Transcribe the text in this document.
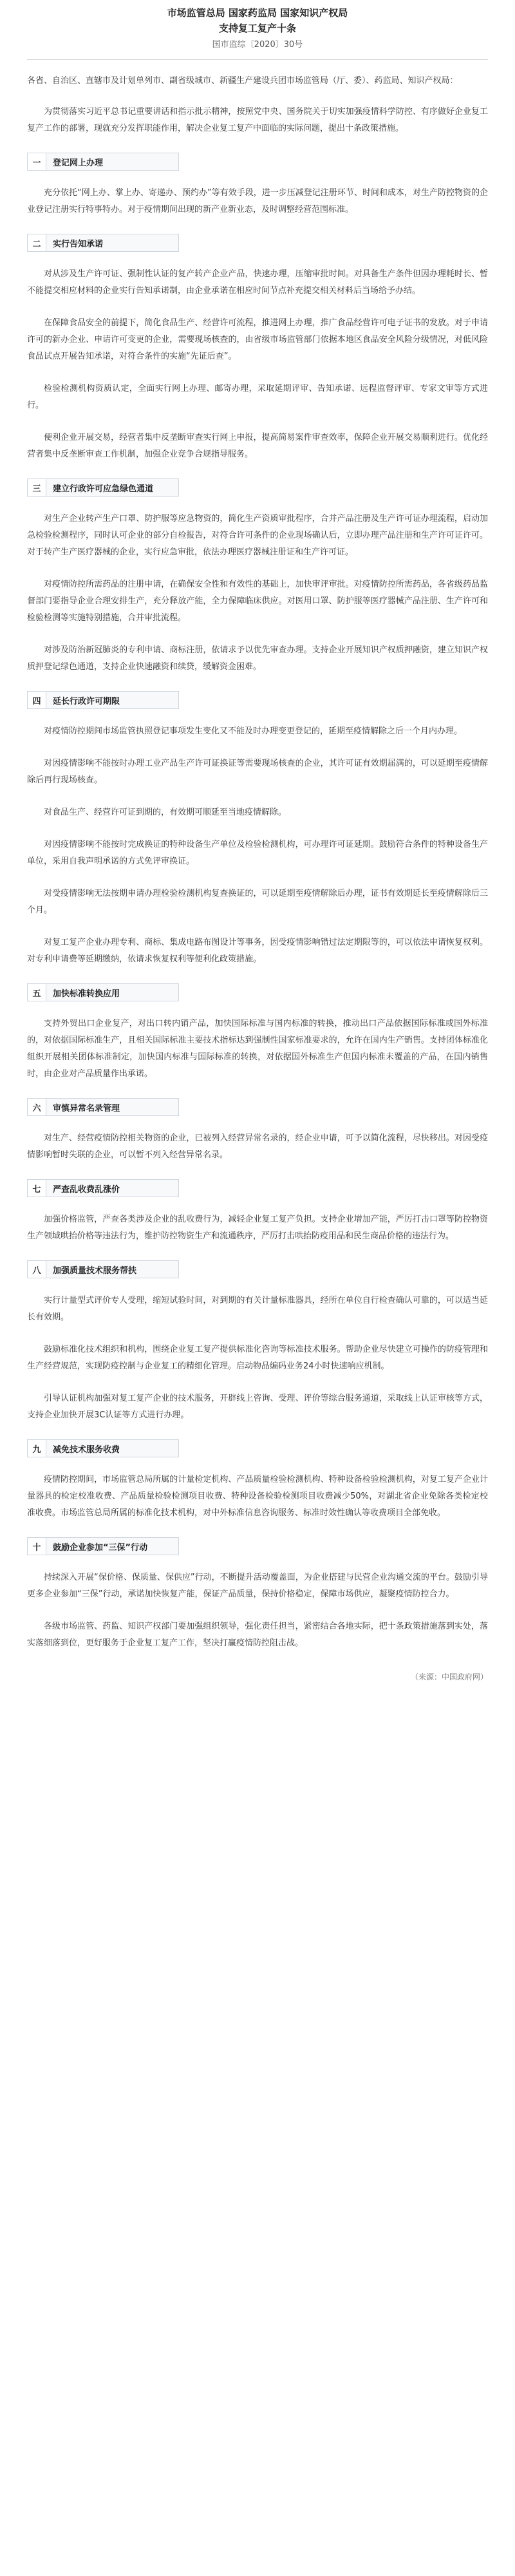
市场监管总局 国家药监局 国家知识产权局
支持复工复产十条
国市监综〔2020〕30号
各省、自治区、直辖市及计划单列市、副省级城市、新疆生产建设兵团市场监管局（厅、委）、药监局、知识产权局：

为贯彻落实习近平总书记重要讲话和指示批示精神，按照党中央、国务院关于切实加强疫情科学防控、有序做好企业复工复产工作的部署，现就充分发挥职能作用，解决企业复工复产中面临的实际问题，提出十条政策措施。

一	登记网上办理

充分依托“网上办、掌上办、寄递办、预约办”等有效手段，进一步压减登记注册环节、时间和成本，对生产防控物资的企业登记注册实行特事特办。对于疫情期间出现的新产业新业态，及时调整经营范围标准。

二	实行告知承诺

对从涉及生产许可证、强制性认证的复产转产企业产品，快速办理，压缩审批时间。对具备生产条件但因办理耗时长、暂不能提交相应材料的企业实行告知承诺制，由企业承诺在相应时间节点补充提交相关材料后当场给予办结。

在保障食品安全的前提下，简化食品生产、经营许可流程，推进网上办理，推广食品经营许可电子证书的发放。对于申请许可的新办企业、申请许可变更的企业，需要现场核查的，由省级市场监管部门依据本地区食品安全风险分级情况，对低风险食品试点开展告知承诺，对符合条件的实施“先证后查”。

检验检测机构资质认定，全面实行网上办理、邮寄办理，采取延期评审、告知承诺、远程监督评审、专家文审等方式进行。

便利企业开展交易，经营者集中反垄断审查实行网上申报，提高简易案件审查效率，保障企业开展交易顺利进行。优化经营者集中反垄断审查工作机制，加强企业竞争合规指导服务。

三	建立行政许可应急绿色通道

对生产企业转产生产口罩、防护服等应急物资的，简化生产资质审批程序，合并产品注册及生产许可证办理流程，启动加急检验检测程序，同时认可企业的部分自检报告，对符合许可条件的企业现场确认后，立即办理产品注册和生产许可证许可。对于转产生产医疗器械的企业，实行应急审批，依法办理医疗器械注册证和生产许可证。

对疫情防控所需药品的注册申请，在确保安全性和有效性的基础上，加快审评审批。对疫情防控所需药品，各省级药品监督部门要指导企业合理安排生产，充分释放产能，全力保障临床供应。对医用口罩、防护服等医疗器械产品注册、生产许可和检验检测等实施特别措施，合并审批流程。

对涉及防治新冠肺炎的专利申请、商标注册，依请求予以优先审查办理。支持企业开展知识产权质押融资，建立知识产权质押登记绿色通道，支持企业快速融资和续贷，缓解资金困难。

四	延长行政许可期限

对疫情防控期间市场监管执照登记事项发生变化又不能及时办理变更登记的，延期至疫情解除之后一个月内办理。

对因疫情影响不能按时办理工业产品生产许可证换证等需要现场核查的企业，其许可证有效期届满的，可以延期至疫情解除后再行现场核查。

对食品生产、经营许可证到期的，有效期可顺延至当地疫情解除。

对因疫情影响不能按时完成换证的特种设备生产单位及检验检测机构，可办理许可证延期。鼓励符合条件的特种设备生产单位，采用自我声明承诺的方式免评审换证。

对受疫情影响无法按期申请办理检验检测机构复查换证的，可以延期至疫情解除后办理，证书有效期延长至疫情解除后三个月。

对复工复产企业办理专利、商标、集成电路布图设计等事务，因受疫情影响错过法定期限等的，可以依法申请恢复权利。对专利申请费等延期缴纳，依请求恢复权利等便利化政策措施。

五	加快标准转换应用

支持外贸出口企业复产，对出口转内销产品，加快国际标准与国内标准的转换，推动出口产品依据国际标准或国外标准的，对依据国际标准生产，且相关国际标准主要技术指标达到强制性国家标准要求的，允许在国内生产销售。支持团体标准化组织开展相关团体标准制定，加快国内标准与国际标准的转换，对依据国外标准生产但国内标准未覆盖的产品，在国内销售时，由企业对产品质量作出承诺。

六	审慎异常名录管理

对生产、经营疫情防控相关物资的企业，已被列入经营异常名录的，经企业申请，可予以简化流程，尽快移出。对因受疫情影响暂时失联的企业，可以暂不列入经营异常名录。

七	严查乱收费乱涨价

加强价格监管，严查各类涉及企业的乱收费行为，减轻企业复工复产负担。支持企业增加产能，严厉打击口罩等防控物资生产领域哄抬价格等违法行为，维护防控物资生产和流通秩序，严厉打击哄抬防疫用品和民生商品价格的违法行为。

八	加强质量技术服务帮扶

实行计量型式评价专人受理，缩短试验时间，对到期的有关计量标准器具，经所在单位自行检查确认可靠的，可以适当延长有效期。

鼓励标准化技术组织和机构，围绕企业复工复产提供标准化咨询等标准技术服务。帮助企业尽快建立可操作的防疫管理和生产经营规范，实现防疫控制与企业复工的精细化管理。启动物品编码业务24小时快速响应机制。

引导认证机构加强对复工复产企业的技术服务，开辟线上咨询、受理、评价等综合服务通道，采取线上认证审核等方式，支持企业加快开展3C认证等方式进行办理。

九	减免技术服务收费

疫情防控期间，市场监管总局所属的计量检定机构、产品质量检验检测机构、特种设备检验检测机构，对复工复产企业计量器具的检定校准收费、产品质量检验检测项目收费、特种设备检验检测项目收费减少50%，对湖北省企业免除各类检定校准收费。市场监管总局所属的标准化技术机构，对中外标准信息咨询服务、标准时效性确认等收费项目全部免收。

十	鼓励企业参加“三保”行动

持续深入开展“保价格、保质量、保供应”行动，不断提升活动覆盖面，为企业搭建与民营企业沟通交流的平台。鼓励引导更多企业参加“三保”行动，承诺加快恢复产能，保证产品质量，保持价格稳定，保障市场供应，凝聚疫情防控合力。

各级市场监管、药监、知识产权部门要加强组织领导，强化责任担当，紧密结合各地实际，把十条政策措施落到实处，落实落细落到位，更好服务于企业复工复产工作，坚决打赢疫情防控阻击战。

（来源：中国政府网）
